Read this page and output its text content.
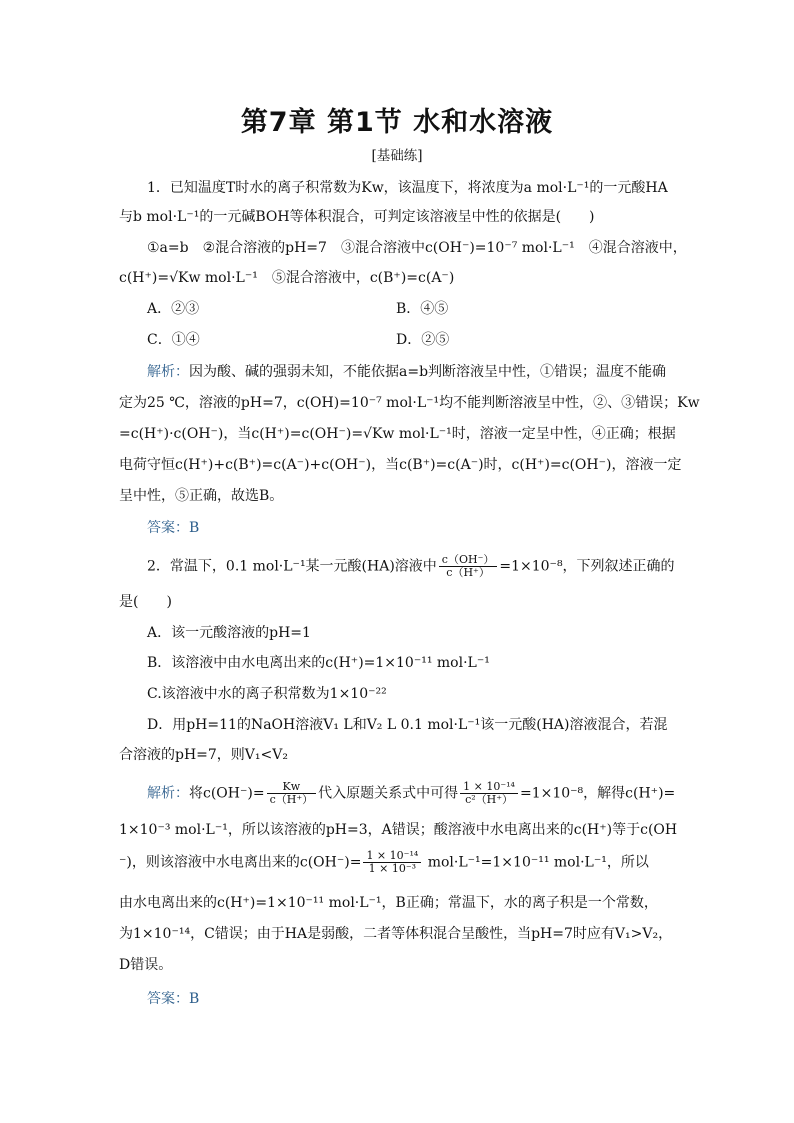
第7章 第1节 水和水溶液
[基础练]
1．已知温度T时水的离子积常数为Kw，该温度下，将浓度为a mol·L⁻¹的一元酸HA
与b mol·L⁻¹的一元碱BOH等体积混合，可判定该溶液呈中性的依据是(　　)
①a=b　②混合溶液的pH=7　③混合溶液中c(OH⁻)=10⁻⁷ mol·L⁻¹　④混合溶液中，
c(H⁺)=√Kw mol·L⁻¹　⑤混合溶液中，c(B⁺)=c(A⁻)
A．②③	B．④⑤
C．①④	D．②⑤
解析：因为酸、碱的强弱未知，不能依据a=b判断溶液呈中性，①错误；温度不能确
定为25 ℃，溶液的pH=7，c(OH)=10⁻⁷ mol·L⁻¹均不能判断溶液呈中性，②、③错误；Kw
=c(H⁺)·c(OH⁻)，当c(H⁺)=c(OH⁻)=√Kw mol·L⁻¹时，溶液一定呈中性，④正确；根据
电荷守恒c(H⁺)+c(B⁺)=c(A⁻)+c(OH⁻)，当c(B⁺)=c(A⁻)时，c(H⁺)=c(OH⁻)，溶液一定
呈中性，⑤正确，故选B。
答案：B
2．常温下，0.1 mol·L⁻¹某一元酸(HA)溶液中 $\frac{c(OH^-)}{c(H^+)} =1\times 10^{-8}$，下列叙述正确的
是(　　)
A．该一元酸溶液的pH=1
B．该溶液中由水电离出来的c(H⁺)=1×10⁻¹¹ mol·L⁻¹
C.该溶液中水的离子积常数为1×10⁻²²
D．用pH=11的NaOH溶液V₁ L和V₂ L 0.1 mol·L⁻¹该一元酸(HA)溶液混合，若混
合溶液的pH=7，则V₁<V₂
解析：将$c(OH^-)= \frac{Kw}{c(H^+)}$ 代入原题关系式中可得 $\frac{\text{1 × 10⁻¹⁴}}{\text{c²（H⁺）}} =1\times 10^{-8}$，解得c(H⁺)=
1×10⁻³ mol·L⁻¹，所以该溶液的pH=3，A错误；酸溶液中水电离出来的c(H⁺)等于c(OH
⁻)，则该溶液中水电离出来的$c(OH^-)= \frac{\text{1 × 10⁻¹⁴}}{\text{1 × 10⁻³}} mol\cdot L^{-1}=1\times 10^{-11}$ mol·L⁻¹，所以
由水电离出来的c(H⁺)=1×10⁻¹¹ mol·L⁻¹，B正确；常温下，水的离子积是一个常数，
为1×10⁻¹⁴，C错误；由于HA是弱酸，二者等体积混合呈酸性，当pH=7时应有V₁>V₂，
D错误。
答案：B
